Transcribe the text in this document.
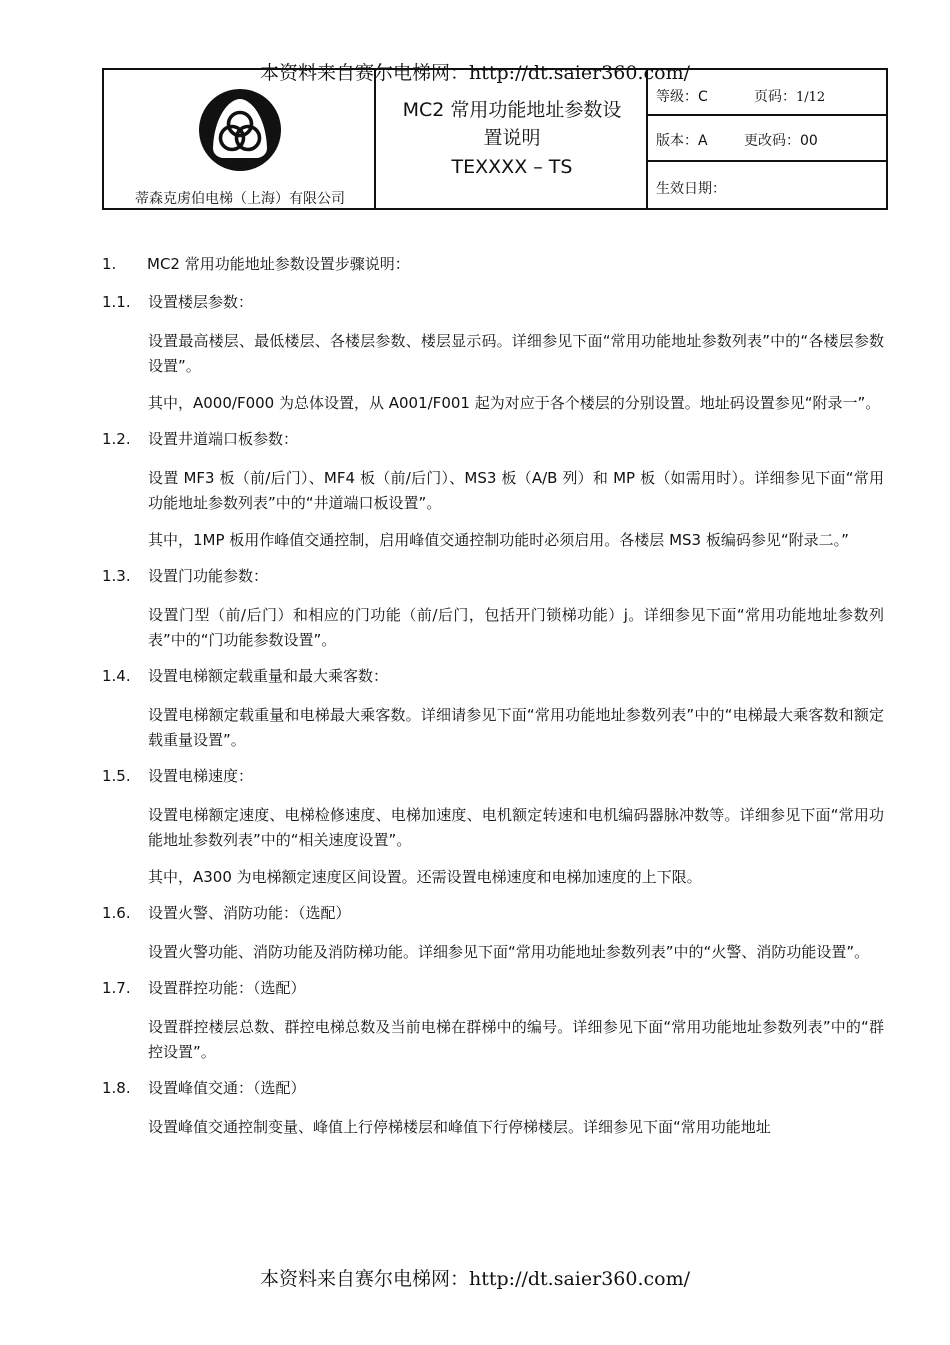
本资料来自赛尔电梯网：http://dt.saier360.com/
蒂森克虏伯电梯（上海）有限公司
MC2 常用功能地址参数设
置说明
TEXXXX – TS
等级：C	页码：1/12
版本：A	更改码：00
生效日期：
1.	MC2 常用功能地址参数设置步骤说明：
1.1.	设置楼层参数：
设置最高楼层、最低楼层、各楼层参数、楼层显示码。详细参见下面“常用功能地址参数列表”中的“各楼层参数设置”。
其中，A000/F000 为总体设置，从 A001/F001 起为对应于各个楼层的分别设置。地址码设置参见“附录一”。
1.2.	设置井道端口板参数：
设置 MF3 板（前/后门）、MF4 板（前/后门）、MS3 板（A/B 列）和 MP 板（如需用时）。详细参见下面“常用功能地址参数列表”中的“井道端口板设置”。
其中，1MP 板用作峰值交通控制，启用峰值交通控制功能时必须启用。各楼层 MS3 板编码参见“附录二。”
1.3.	设置门功能参数：
设置门型（前/后门）和相应的门功能（前/后门，包括开门锁梯功能）j。详细参见下面“常用功能地址参数列表”中的“门功能参数设置”。
1.4.	设置电梯额定载重量和最大乘客数：
设置电梯额定载重量和电梯最大乘客数。详细请参见下面“常用功能地址参数列表”中的“电梯最大乘客数和额定载重量设置”。
1.5.	设置电梯速度：
设置电梯额定速度、电梯检修速度、电梯加速度、电机额定转速和电机编码器脉冲数等。详细参见下面“常用功能地址参数列表”中的“相关速度设置”。
其中，A300 为电梯额定速度区间设置。还需设置电梯速度和电梯加速度的上下限。
1.6.	设置火警、消防功能：（选配）
设置火警功能、消防功能及消防梯功能。详细参见下面“常用功能地址参数列表”中的“火警、消防功能设置”。
1.7.	设置群控功能：（选配）
设置群控楼层总数、群控电梯总数及当前电梯在群梯中的编号。详细参见下面“常用功能地址参数列表”中的“群控设置”。
1.8.	设置峰值交通：（选配）
设置峰值交通控制变量、峰值上行停梯楼层和峰值下行停梯楼层。详细参见下面“常用功能地址
本资料来自赛尔电梯网：http://dt.saier360.com/
